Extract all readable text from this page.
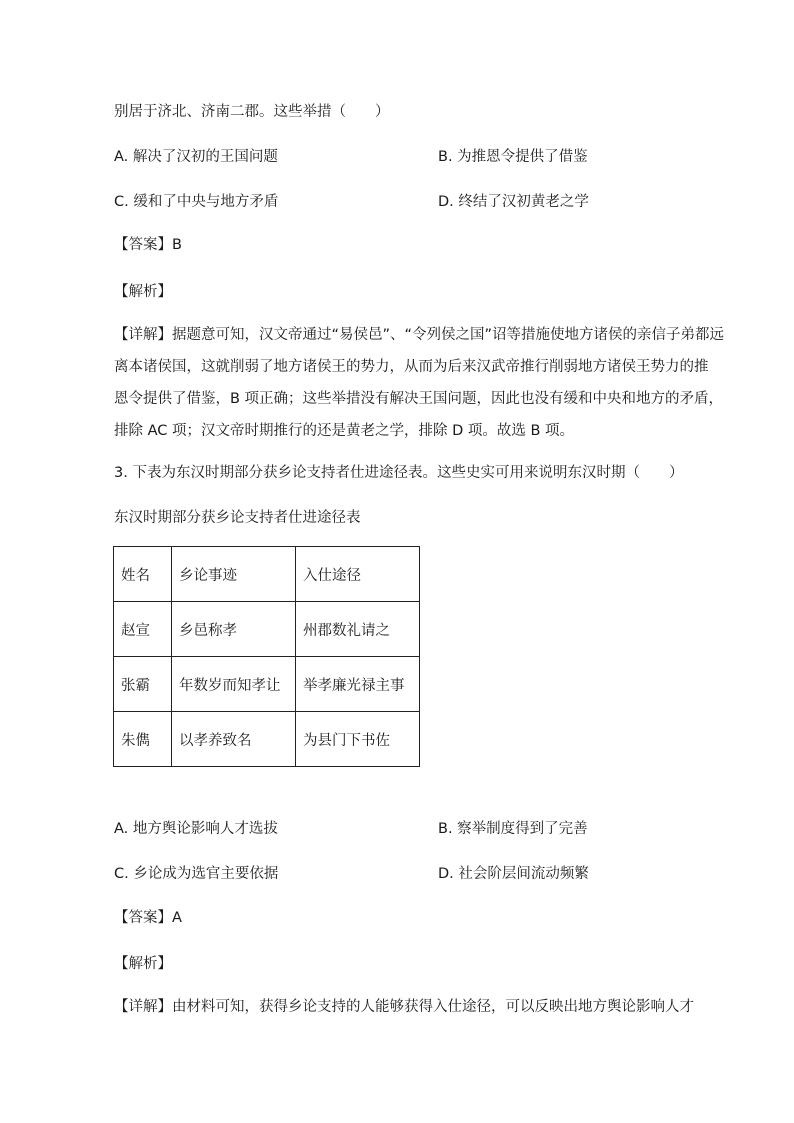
别居于济北、济南二郡。这些举措（　　）
A. 解决了汉初的王国问题	B. 为推恩令提供了借鉴
C. 缓和了中央与地方矛盾	D. 终结了汉初黄老之学
【答案】B
【解析】
【详解】据题意可知，汉文帝通过“易侯邑”、“令列侯之国”诏等措施使地方诸侯的亲信子弟都远
离本诸侯国，这就削弱了地方诸侯王的势力，从而为后来汉武帝推行削弱地方诸侯王势力的推
恩令提供了借鉴，B 项正确；这些举措没有解决王国问题，因此也没有缓和中央和地方的矛盾，
排除 AC 项；汉文帝时期推行的还是黄老之学，排除 D 项。故选 B 项。
3. 下表为东汉时期部分获乡论支持者仕进途径表。这些史实可用来说明东汉时期（　　）
东汉时期部分获乡论支持者仕进途径表
姓名	乡论事迹	入仕途径
赵宣	乡邑称孝	州郡数礼请之
张霸	年数岁而知孝让	举孝廉光禄主事
朱儁	以孝养致名	为县门下书佐
A. 地方舆论影响人才选拔	B. 察举制度得到了完善
C. 乡论成为选官主要依据	D. 社会阶层间流动频繁
【答案】A
【解析】
【详解】由材料可知，获得乡论支持的人能够获得入仕途径，可以反映出地方舆论影响人才
